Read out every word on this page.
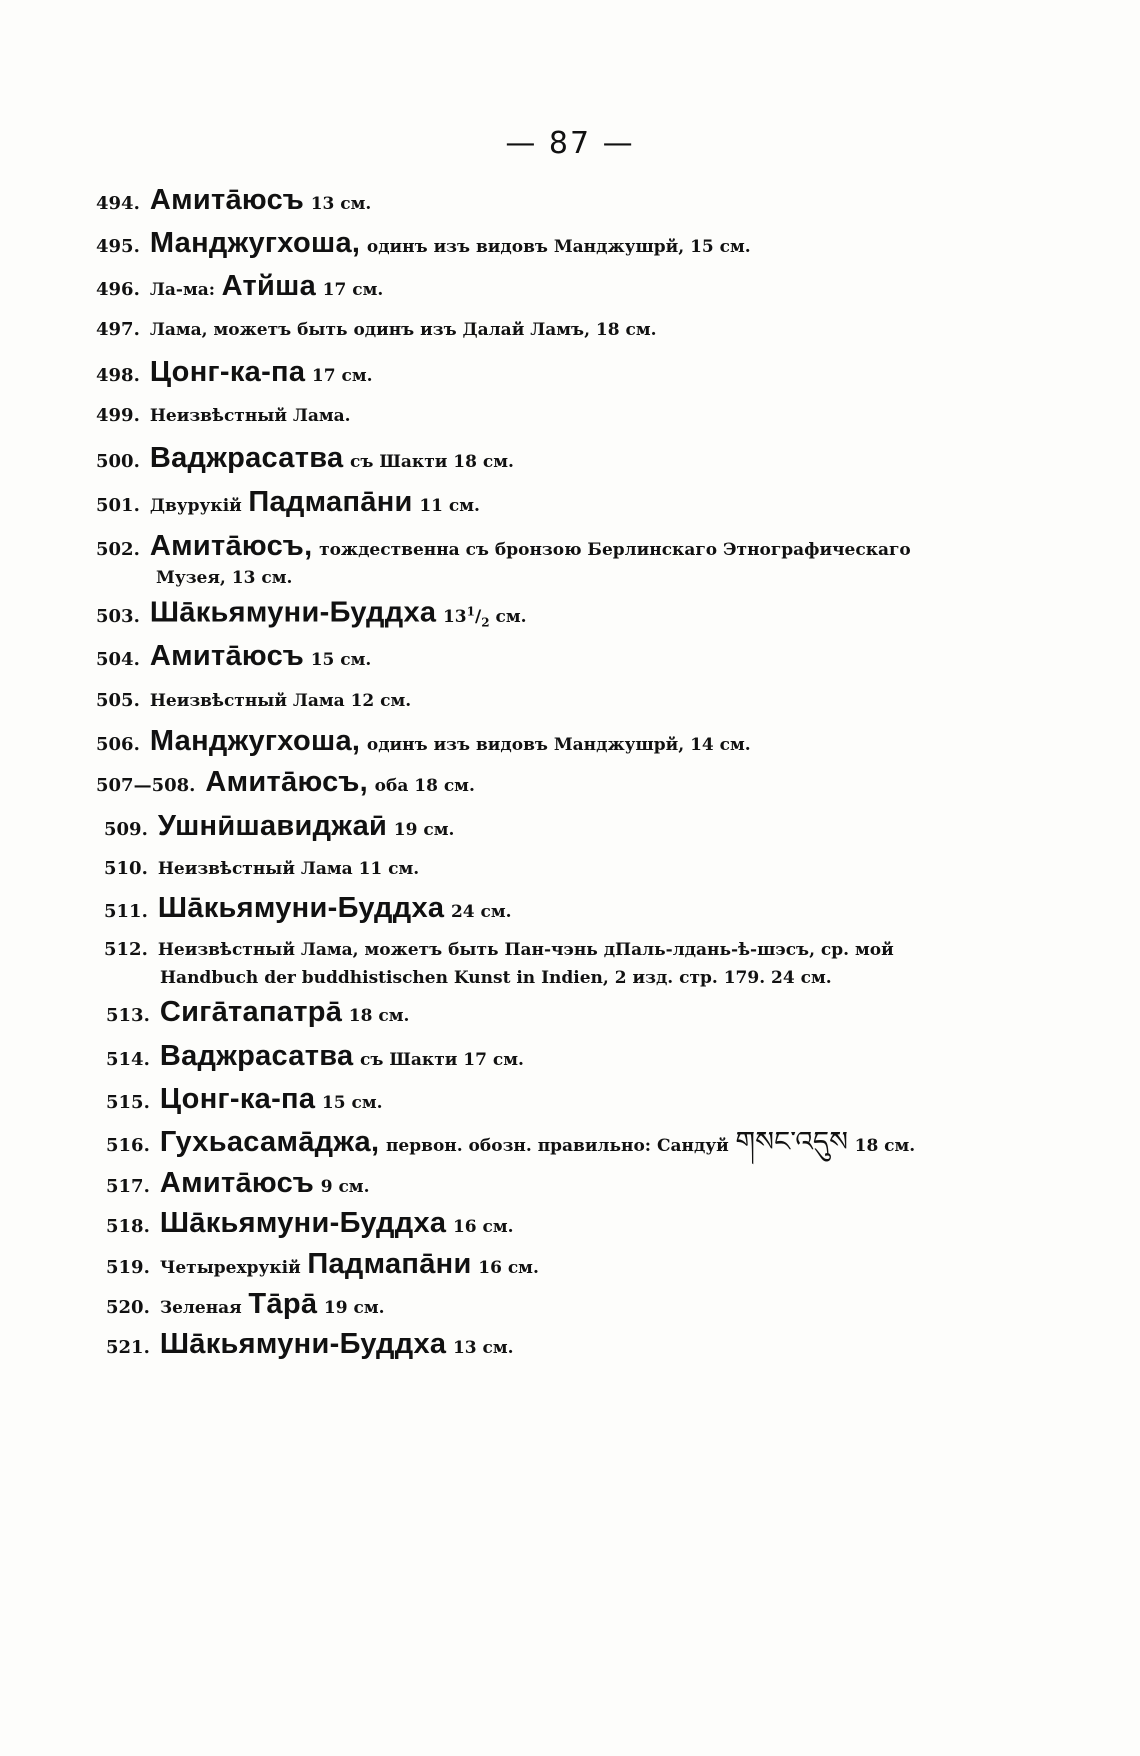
— 87 —
494. Амитāюсъ 13 см.
495. Манджугхоша, одинъ изъ видовъ Манджушрй, 15 см.
496. Ла-ма: Атйша 17 см.
497. Лама, можетъ быть одинъ изъ Далай Ламъ, 18 см.
498. Цонг-ка-па 17 см.
499. Неизвѣстный Лама.
500. Ваджрасатва съ Шакти 18 см.
501. Двурукій Падмапāни 11 см.
502. Амитāюсъ, тождественна съ бронзою Берлинскаго Этнографическаго
Музея, 13 см.
503. Шāкьямуни-Буддха $13^1/_2$ см.
504. Амитāюсъ 15 см.
505. Неизвѣстный Лама 12 см.
506. Манджугхоша, одинъ изъ видовъ Манджушрй, 14 см.
507—508. Амитāюсъ, оба 18 см.
509. Ушнӣшавиджаӣ 19 см.
510. Неизвѣстный Лама 11 см.
511. Шāкьямуни-Буддха 24 см.
512. Неизвѣстный Лама, можетъ быть Пан-чэнь дПаль-лдань-ѣ-шэсъ, ср. мой
Handbuch der buddhistischen Kunst in Indien, 2 изд. стр. 179. 24 см.
513. Сигāтапатрā 18 см.
514. Ваджрасатва съ Шакти 17 см.
515. Цонг-ка-па 15 см.
516. Гухьасамāджа, первон. обозн. правильно: Сандуй གསང་འདུས 18 см.
517. Амитāюсъ 9 см.
518. Шāкьямуни-Буддха 16 см.
519. Четырехрукій Падмапāни 16 см.
520. Зеленая Тāрā 19 см.
521. Шāкьямуни-Буддха 13 см.
